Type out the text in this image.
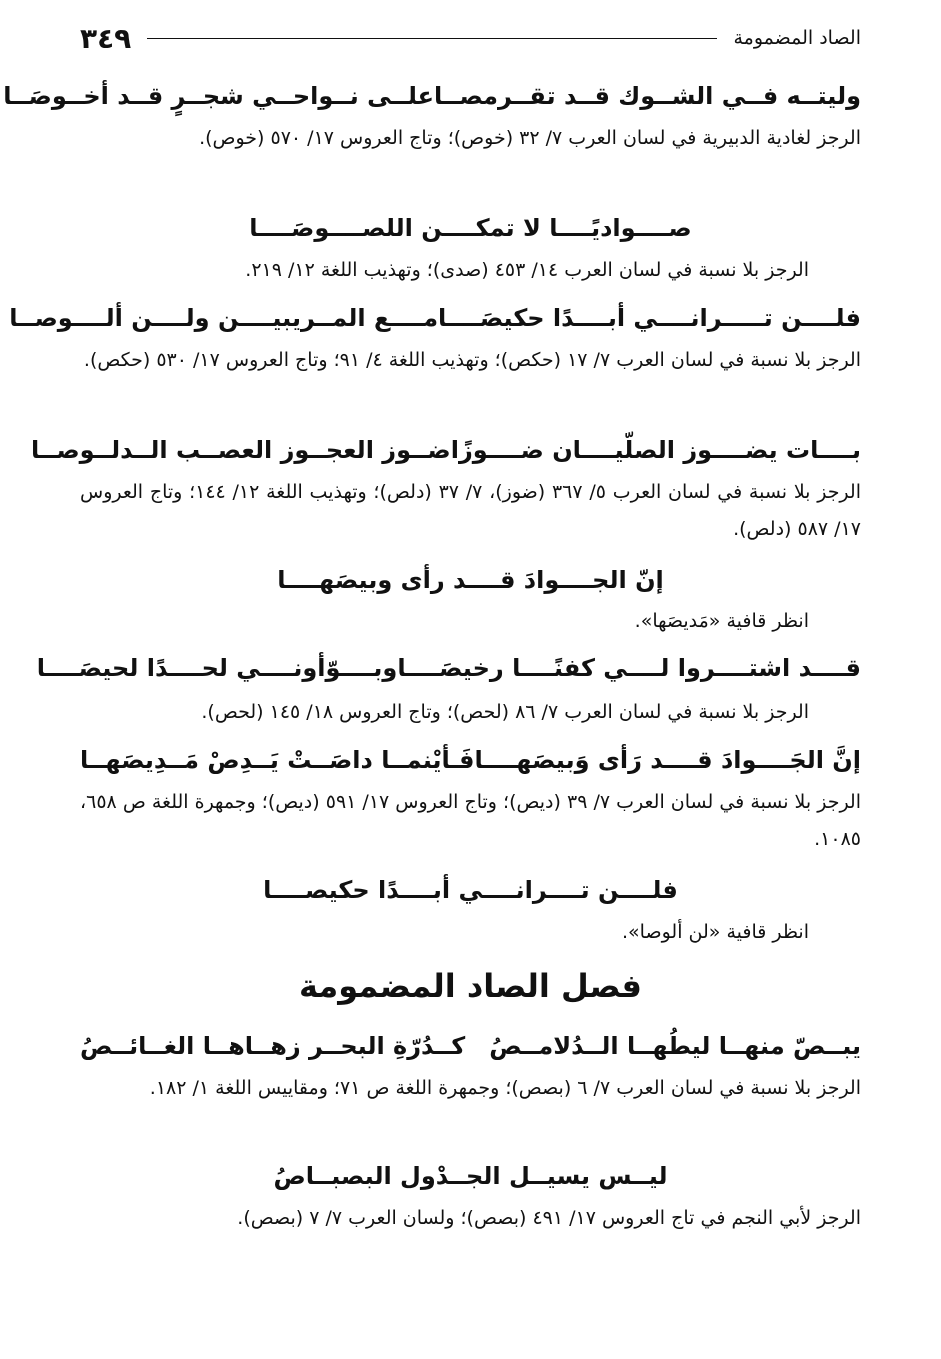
الصاد المضمومة
٣٤٩
وليتــه فــي الشــوك قــد تقــرمصــا
علــى نــواحــي شجــرٍ قــد أخــوصَــا
الرجز لغادية الدبيرية في لسان العرب ٧/ ٣٢ (خوص)؛ وتاج العروس ١٧/ ٥٧٠ (خوص).
صــــواديًــــا لا تمكــــن اللصــــوصَــــا
الرجز بلا نسبة في لسان العرب ١٤/ ٤٥٣ (صدى)؛ وتهذيب اللغة ١٢/ ٢١٩.
فلــــن تـــــرانــــي أبــــدًا حكيصَــــا
مــــع المــريبيــــن ولــــن ألــــوصــا
الرجز بلا نسبة في لسان العرب ٧/ ١٧ (حكص)؛ وتهذيب اللغة ٤/ ٩١؛ وتاج العروس ١٧/ ٥٣٠ (حكص).
بــــات يضــــوز الصلّيــــان ضــــوزًا
ضــوز العجــوز العصــب الــدلــوصــا
الرجز بلا نسبة في لسان العرب ٥/ ٣٦٧ (ضوز)، ٧/ ٣٧ (دلص)؛ وتهذيب اللغة ١٢/ ١٤٤؛ وتاج العروس ١٧/ ٥٨٧ (دلص).
إنّ الجــــوادَ قــــد رأى وبيصَهــــا
انظر قافية «مَديصَها».
قــــد اشتــــروا لــــي كفنًــــا رخيصَــــا
وبــــوّأونــــي لحــــدًا لحيصَــــا
الرجز بلا نسبة في لسان العرب ٧/ ٨٦ (لحص)؛ وتاج العروس ١٨/ ١٤٥ (لحص).
إنَّ الجَــــوادَ قــــد رَأى وَبيصَهــــا
فَـأيْنمــا داصَــتْ يَــدِصْ مَــدِيصَهــا
الرجز بلا نسبة في لسان العرب ٧/ ٣٩ (ديص)؛ وتاج العروس ١٧/ ٥٩١ (ديص)؛ وجمهرة اللغة ص ٦٥٨، ١٠٨٥.
فلــــن تــــرانــــي أبــــدًا حكيصــــا
انظر قافية «لن ألوصا».
فصل الصاد المضمومة
يبــصّ منهــا ليطُهــا الــدُلامــصُ
كــدُرّةِ البحــر زهــاهــا الغــائــصُ
الرجز بلا نسبة في لسان العرب ٧/ ٦ (بصص)؛ وجمهرة اللغة ص ٧١؛ ومقاييس اللغة ١/ ١٨٢.
ليــس يسيــل الجــدْول البصبــاصُ
الرجز لأبي النجم في تاج العروس ١٧/ ٤٩١ (بصص)؛ ولسان العرب ٧/ ٧ (بصص).
